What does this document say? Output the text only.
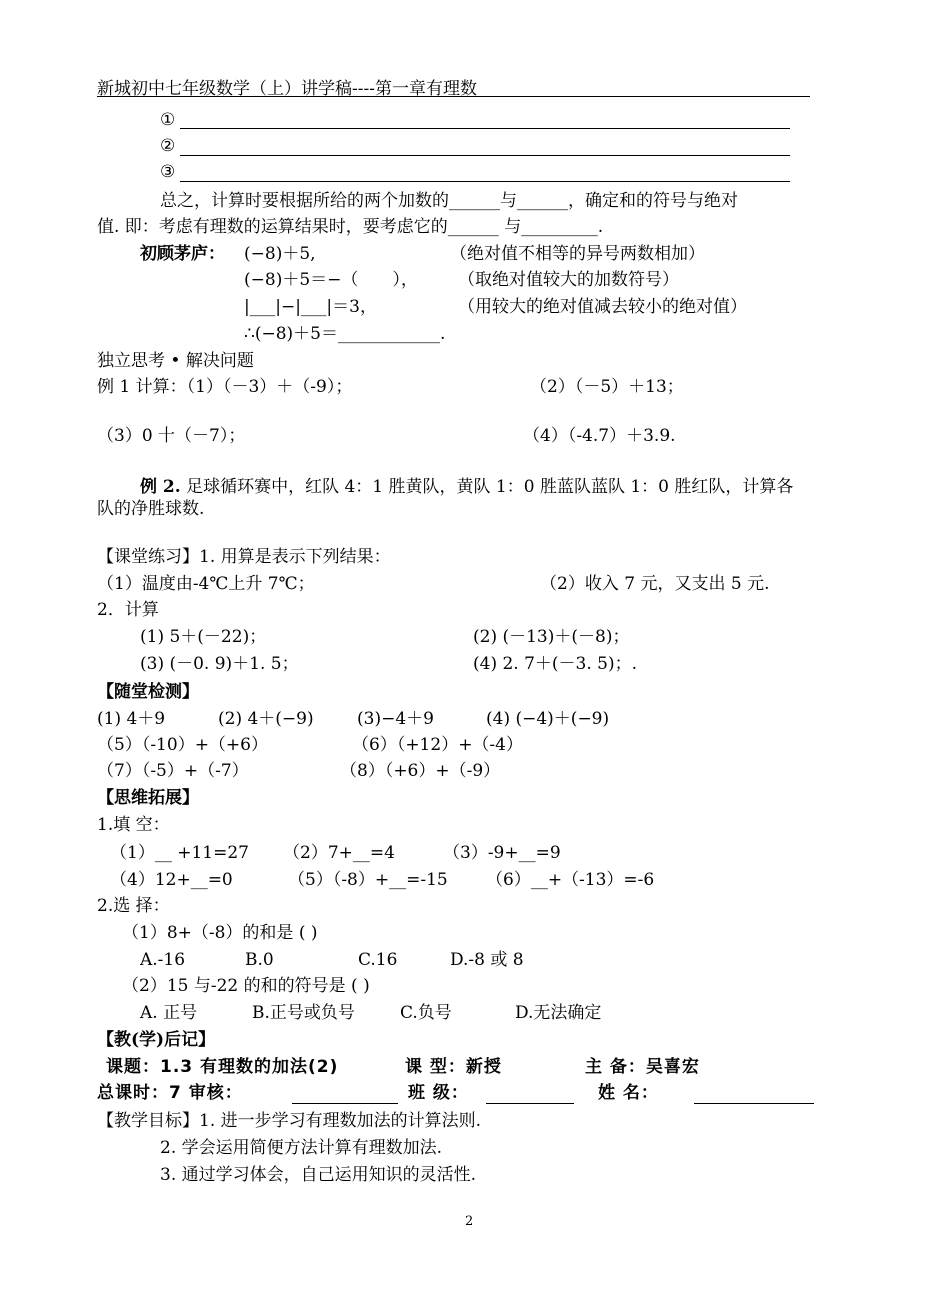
新城初中七年级数学（上）讲学稿----第一章有理数
①
②
③
总之，计算时要根据所给的两个加数的______与______，确定和的符号与绝对
值. 即：考虑有理数的运算结果时，要考虑它的______ 与_________.
初顾茅庐： (−8)＋5,	（绝对值不相等的异号两数相加）
(−8)＋5＝−（　　）， （取绝对值较大的加数符号）
|___|−|___|＝3，	（用较大的绝对值减去较小的绝对值）
∴(−8)＋5＝____________.
独立思考 • 解决问题
例 1 计算：（1）（－3）＋（-9）；	（2）（－5）＋13；
（3）0 十（－7）；	（4）（-4.7）＋3.9.
例 2. 足球循环赛中，红队 4：1 胜黄队，黄队 1：0 胜蓝队蓝队 1：0 胜红队，计算各
队的净胜球数.
【课堂练习】1. 用算是表示下列结果：
（1）温度由-4℃上升 7℃；	（2）收入 7 元，又支出 5 元.
2．计算
(1) 5＋(－22)；	(2) (－13)＋(－8)；
(3) (－0. 9)＋1. 5；	(4) 2. 7＋(－3. 5)；.
【随堂检测】
(1) 4＋9	(2) 4＋(−9)	(3)−4＋9	(4) (−4)＋(−9)
（5）（-10）+（+6）	（6）（+12）+（-4）
（7）（-5）+（-7）	（8）（+6）+（-9）
【思维拓展】
1.填 空：
（1）__ +11=27 （2）7+__=4	（3）-9+__=9
（4）12+__=0	（5）（-8）+__=-15 （6）__+（-13）=-6
2.选 择：
（1）8+（-8）的和是 ( )
A.-16	B.0	C.16	D.-8 或 8
（2）15 与-22 的和的符号是 ( )
A. 正号	B.正号或负号	C.负号	D.无法确定
【教(学)后记】
课题：1.3 有理数的加法(2)	课 型：新授	主 备：吴喜宏
总课时：7 审核：	班 级：	姓 名：
【教学目标】1. 进一步学习有理数加法的计算法则.
2. 学会运用简便方法计算有理数加法.
3. 通过学习体会，自己运用知识的灵活性.
2
